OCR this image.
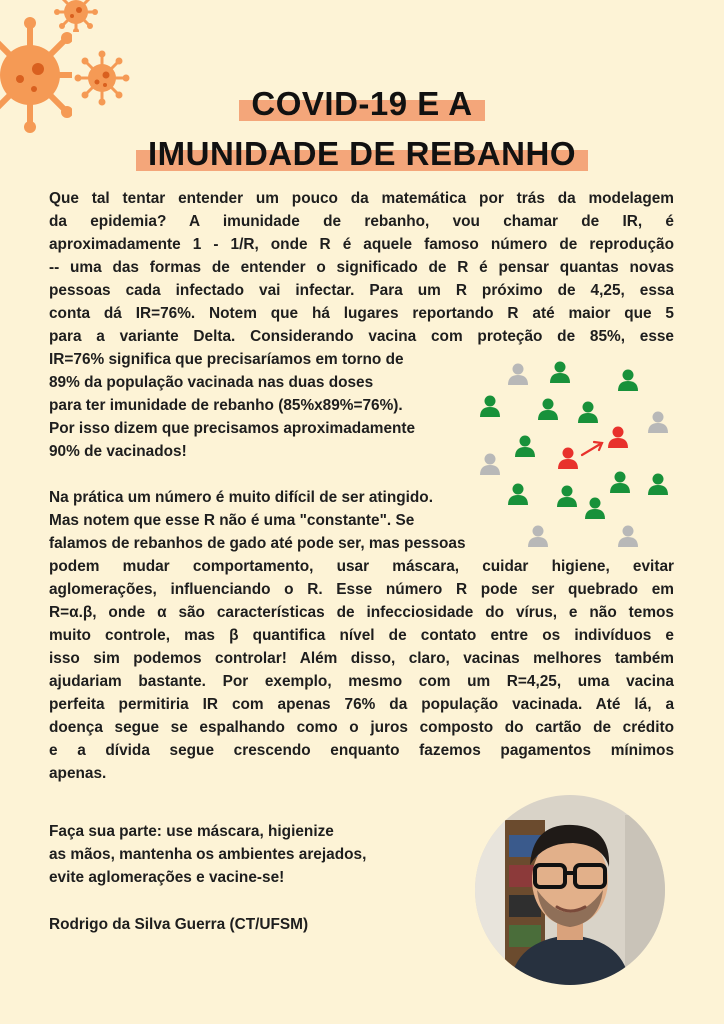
COVID-19 E A
IMUNIDADE DE REBANHO

Que tal tentar entender um pouco da matemática por trás da modelagem

da epidemia? A imunidade de rebanho, vou chamar de IR, é

aproximadamente 1 - 1/R, onde R é aquele famoso número de reprodução

-- uma das formas de entender o significado de R é pensar quantas novas

pessoas cada infectado vai infectar. Para um R próximo de 4,25, essa

conta dá IR=76%. Notem que há lugares reportando R até maior que 5

para a variante Delta. Considerando vacina com proteção de 85%, esse

IR=76% significa que precisaríamos em torno de

89% da população vacinada nas duas doses

para ter imunidade de rebanho (85%x89%=76%).

Por isso dizem que precisamos aproximadamente

90% de vacinados!

Na prática um número é muito difícil de ser atingido.

Mas notem que esse R não é uma "constante". Se

falamos de rebanhos de gado até pode ser, mas pessoas

podem mudar comportamento, usar máscara, cuidar higiene, evitar

aglomerações, influenciando o R. Esse número R pode ser quebrado em

R=α.β, onde α são características de infecciosidade do vírus, e não temos

muito controle, mas β quantifica nível de contato entre os indivíduos e

isso sim podemos controlar! Além disso, claro, vacinas melhores também

ajudariam bastante. Por exemplo, mesmo com um R=4,25, uma vacina

perfeita permitiria IR com apenas 76% da população vacinada. Até lá, a

doença segue se espalhando como o juros composto do cartão de crédito

e a dívida segue crescendo enquanto fazemos pagamentos mínimos

apenas.

Faça sua parte: use máscara, higienize

as mãos, mantenha os ambientes arejados,

evite aglomerações e vacine-se!

Rodrigo da Silva Guerra (CT/UFSM)
